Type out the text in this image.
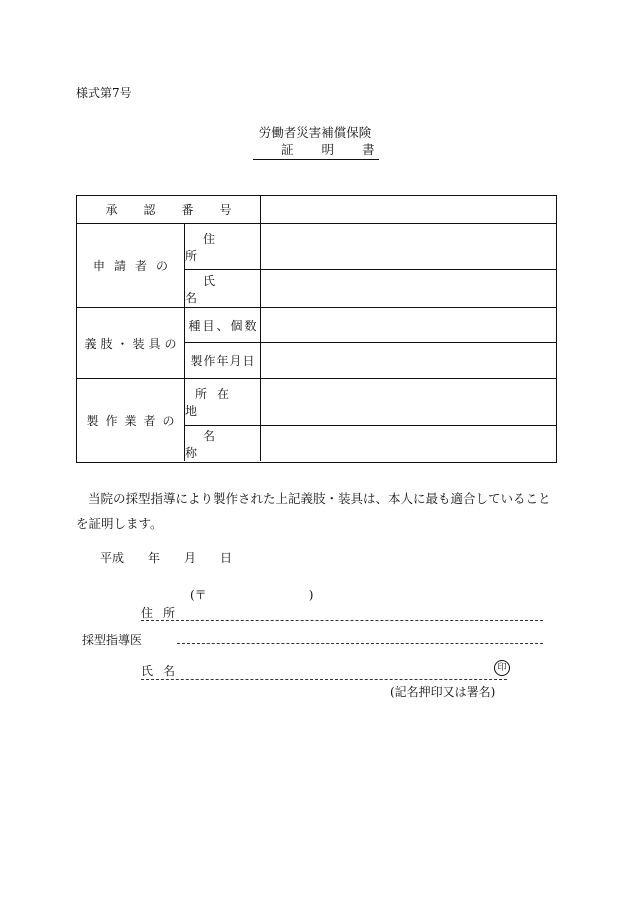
様式第7号
労働者災害補償保険
証明書
承認番号
申請者の
住所
氏名
義肢・装具の
種目、個数
製作年月日
製作業者の
所在地
名称
当院の採型指導により製作された上記義肢・装具は、本人に最も適合していることを証明します。
平成 年 月 日
(〒	)
住所
採型指導医
氏名	印
(記名押印又は署名)
